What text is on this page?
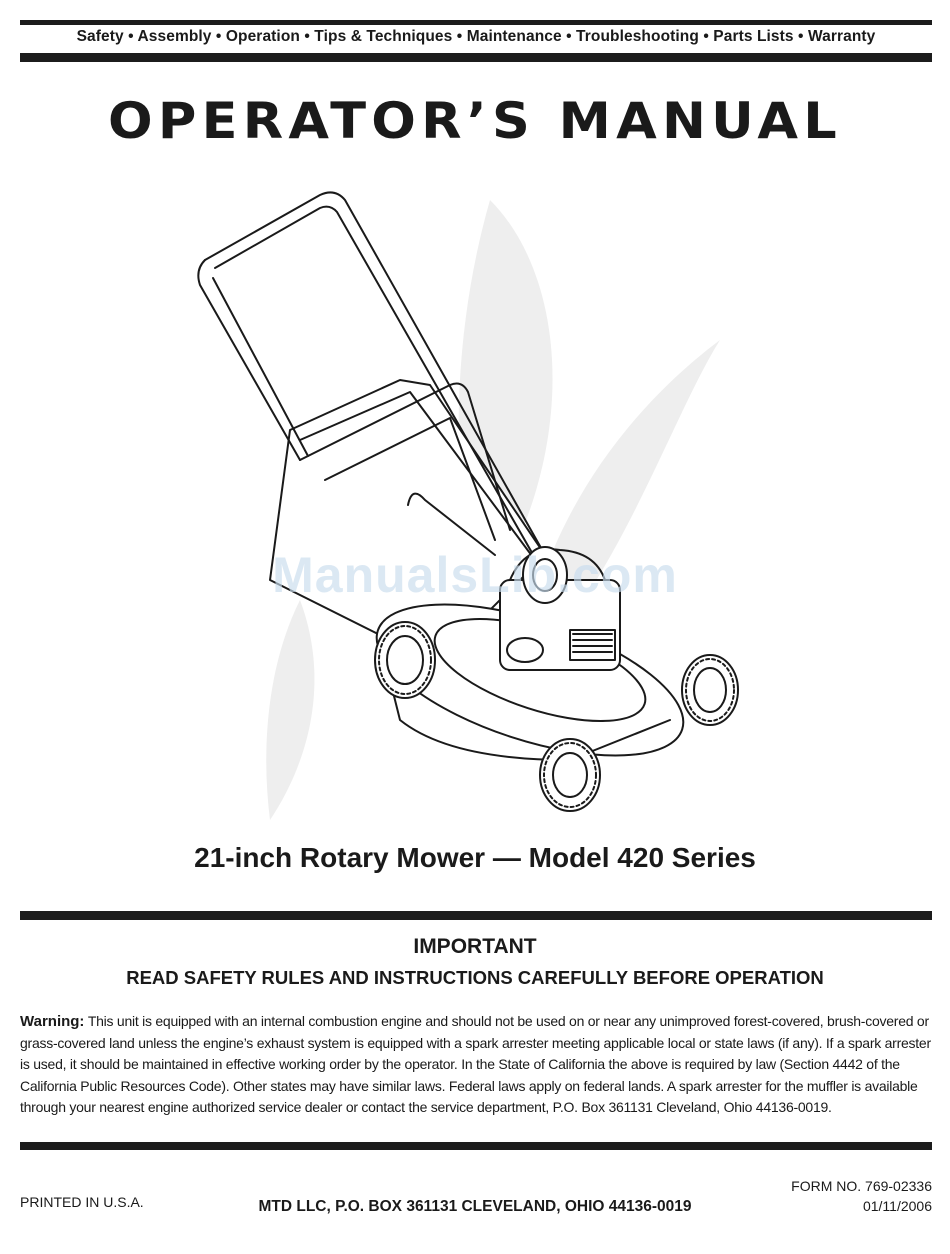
Safety • Assembly • Operation • Tips & Techniques • Maintenance • Troubleshooting • Parts Lists • Warranty
OPERATOR’S MANUAL
ManualsLib.com
21-inch Rotary Mower — Model 420 Series
IMPORTANT
READ SAFETY RULES AND INSTRUCTIONS CAREFULLY BEFORE OPERATION
Warning: This unit is equipped with an internal combustion engine and should not be used on or near any unimproved forest-covered, brush-covered or grass-covered land unless the engine’s exhaust system is equipped with a spark arrester meeting applicable local or state laws (if any). If a spark arrester is used, it should be maintained in effective working order by the operator. In the State of California the above is required by law (Section 4442 of the California Public Resources Code). Other states may have similar laws. Federal laws apply on federal lands. A spark arrester for the muffler is available through your nearest engine authorized service dealer or contact the service department, P.O. Box 361131 Cleveland, Ohio 44136-0019.
PRINTED IN U.S.A.	MTD LLC, P.O. BOX 361131 CLEVELAND, OHIO 44136-0019
FORM NO. 769-02336
01/11/2006
